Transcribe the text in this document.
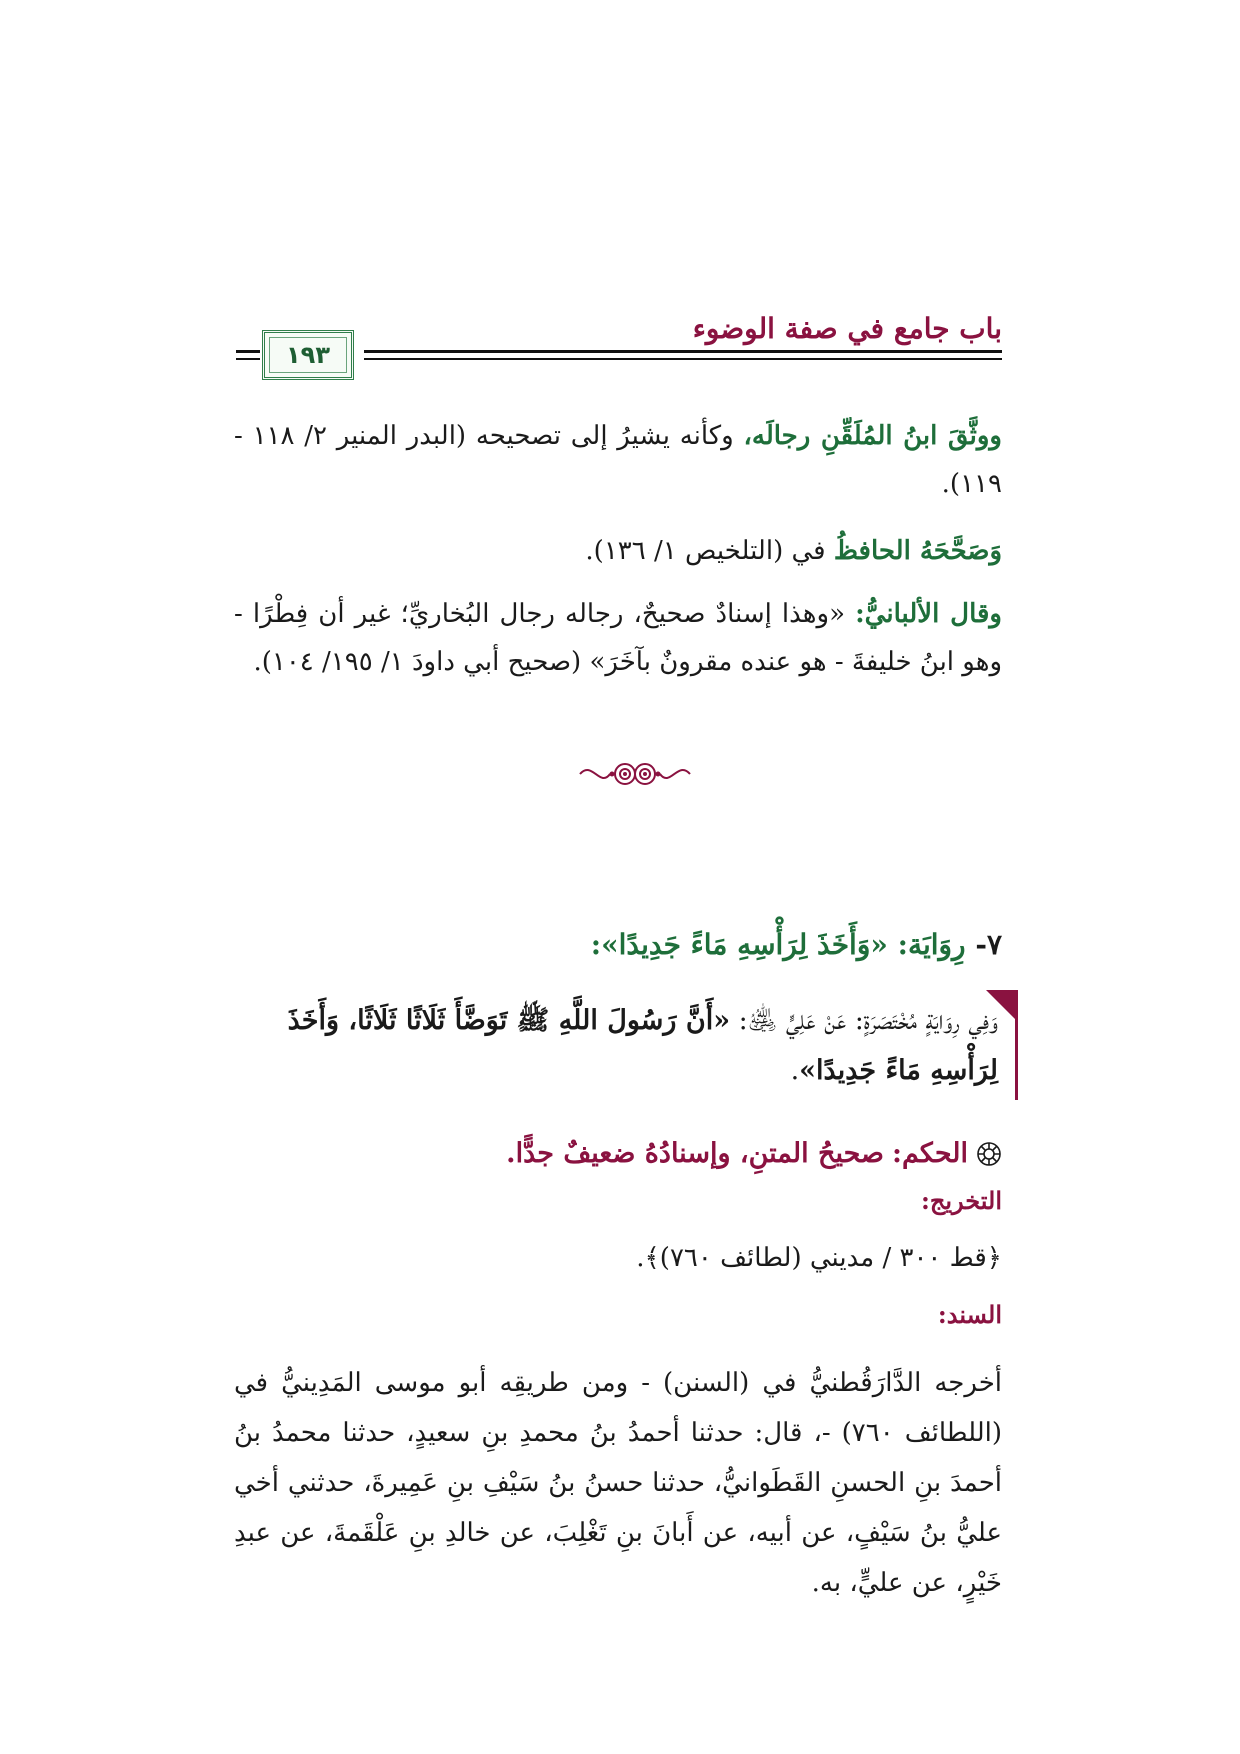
باب جامع في صفة الوضوء
١٩٣
ووثَّقَ ابنُ المُلَقِّنِ رجالَه، وكأنه يشيرُ إلى تصحيحه (البدر المنير ٢/ ١١٨ - ١١٩).
وَصَحَّحَهُ الحافظُ في (التلخيص ١/ ١٣٦).
وقال الألبانيُّ: «وهذا إسنادٌ صحيحٌ، رجاله رجال البُخاريِّ؛ غير أن فِطْرًا - وهو ابنُ خليفةَ - هو عنده مقرونٌ بآخَرَ» (صحيح أبي داودَ ١/ ١٩٥/ ١٠٤).
٧- رِوَايَة: «وَأَخَذَ لِرَأْسِهِ مَاءً جَدِيدًا»:
وَفِي رِوَايَةٍ مُخْتَصَرَةٍ: عَنْ عَلِيٍّ ﵁: «أَنَّ رَسُولَ اللَّهِ ﷺ تَوَضَّأَ ثَلَاثًا ثَلَاثًا، وَأَخَذَ لِرَأْسِهِ مَاءً جَدِيدًا».
الحكم:
صحيحُ المتنِ، وإسنادُهُ ضعيفٌ جدًّا.
التخريج:
﴿قط ٣٠٠ / مديني (لطائف ٧٦٠)﴾.
السند:
أخرجه الدَّارَقُطنيُّ في (السنن) - ومن طريقِه أبو موسى المَدِينيُّ في (اللطائف ٧٦٠) -، قال: حدثنا أحمدُ بنُ محمدِ بنِ سعيدٍ، حدثنا محمدُ بنُ أحمدَ بنِ الحسنِ القَطَوانيُّ، حدثنا حسنُ بنُ سَيْفِ بنِ عَمِيرةَ، حدثني أخي عليُّ بنُ سَيْفٍ، عن أبيه، عن أَبانَ بنِ تَغْلِبَ، عن خالدِ بنِ عَلْقَمةَ، عن عبدِ خَيْرٍ، عن عليٍّ، به.
